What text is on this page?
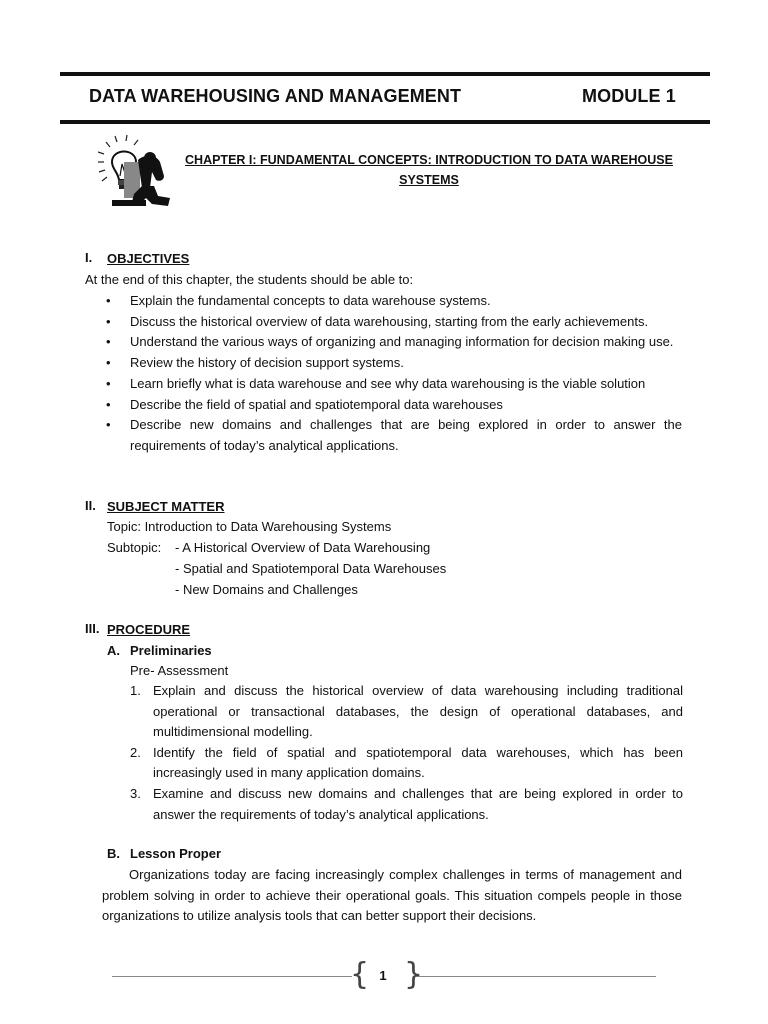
DATA WAREHOUSING AND MANAGEMENT	MODULE 1
CHAPTER I: FUNDAMENTAL CONCEPTS: INTRODUCTION TO DATA WAREHOUSE SYSTEMS
I. OBJECTIVES

At the end of this chapter, the students should be able to:

• Explain the fundamental concepts to data warehouse systems.
• Discuss the historical overview of data warehousing, starting from the early achievements.
• Understand the various ways of organizing and managing information for decision making use.
• Review the history of decision support systems.
• Learn briefly what is data warehouse and see why data warehousing is the viable solution
• Describe the field of spatial and spatiotemporal data warehouses
• Describe new domains and challenges that are being explored in order to answer the requirements of today’s analytical applications.
II. SUBJECT MATTER

Topic: Introduction to Data Warehousing Systems

Subtopic: - A Historical Overview of Data Warehousing
- Spatial and Spatiotemporal Data Warehouses
- New Domains and Challenges
III. PROCEDURE
A. Preliminaries
Pre- Assessment
1. Explain and discuss the historical overview of data warehousing including traditional operational or transactional databases, the design of operational databases, and multidimensional modelling.
2. Identify the field of spatial and spatiotemporal data warehouses, which has been increasingly used in many application domains.
3. Examine and discuss new domains and challenges that are being explored in order to answer the requirements of today’s analytical applications.
B. Lesson Proper

Organizations today are facing increasingly complex challenges in terms of management and problem solving in order to achieve their operational goals. This situation compels people in those organizations to utilize analysis tools that can better support their decisions.

{ }
1
